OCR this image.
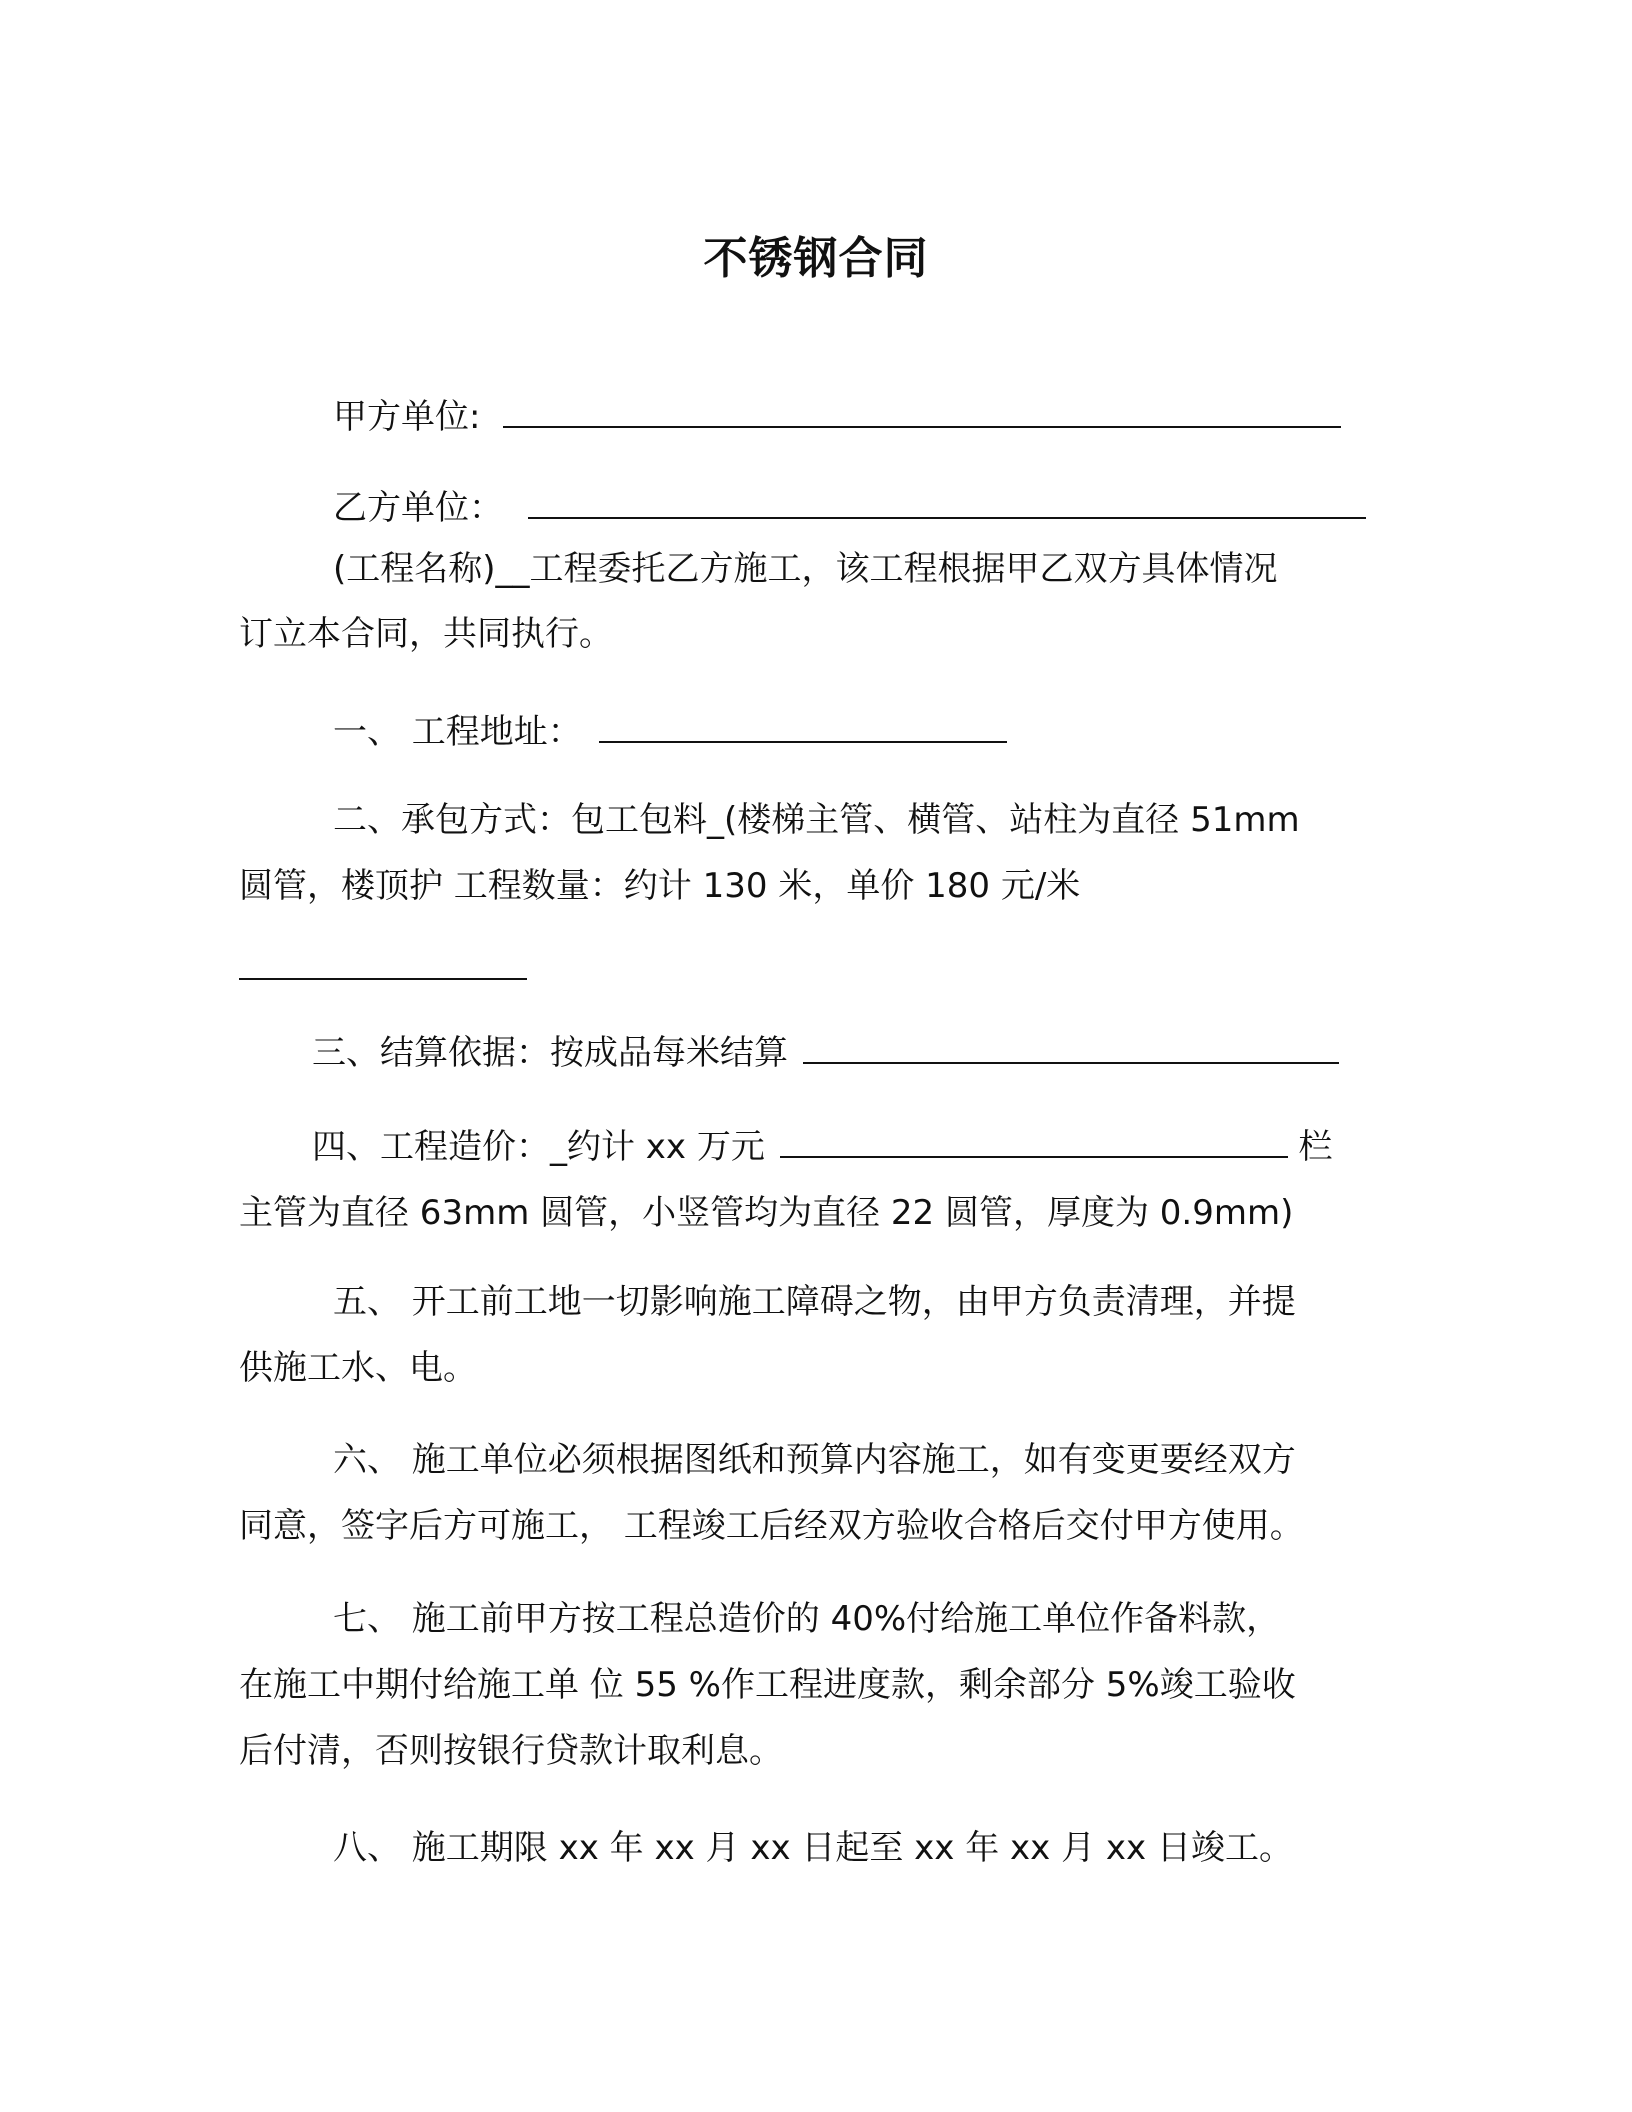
不锈钢合同
甲方单位:
乙方单位：
(工程名称)__工程委托乙方施工，该工程根据甲乙双方具体情况
订立本合同，共同执行。
一、 工程地址：
二、承包方式：包工包料_(楼梯主管、横管、站柱为直径 51mm
圆管，楼顶护 工程数量：约计 130 米，单价 180 元/米
三、结算依据：按成品每米结算
四、工程造价：_约计 xx 万元	栏
主管为直径 63mm 圆管，小竖管均为直径 22 圆管，厚度为 0.9mm)
五、 开工前工地一切影响施工障碍之物，由甲方负责清理，并提
供施工水、电。
六、 施工单位必须根据图纸和预算内容施工，如有变更要经双方
同意，签字后方可施工， 工程竣工后经双方验收合格后交付甲方使用。
七、 施工前甲方按工程总造价的 40%付给施工单位作备料款，
在施工中期付给施工单 位 55 %作工程进度款，剩余部分 5%竣工验收
后付清，否则按银行贷款计取利息。
八、 施工期限 xx 年 xx 月 xx 日起至 xx 年 xx 月 xx 日竣工。
